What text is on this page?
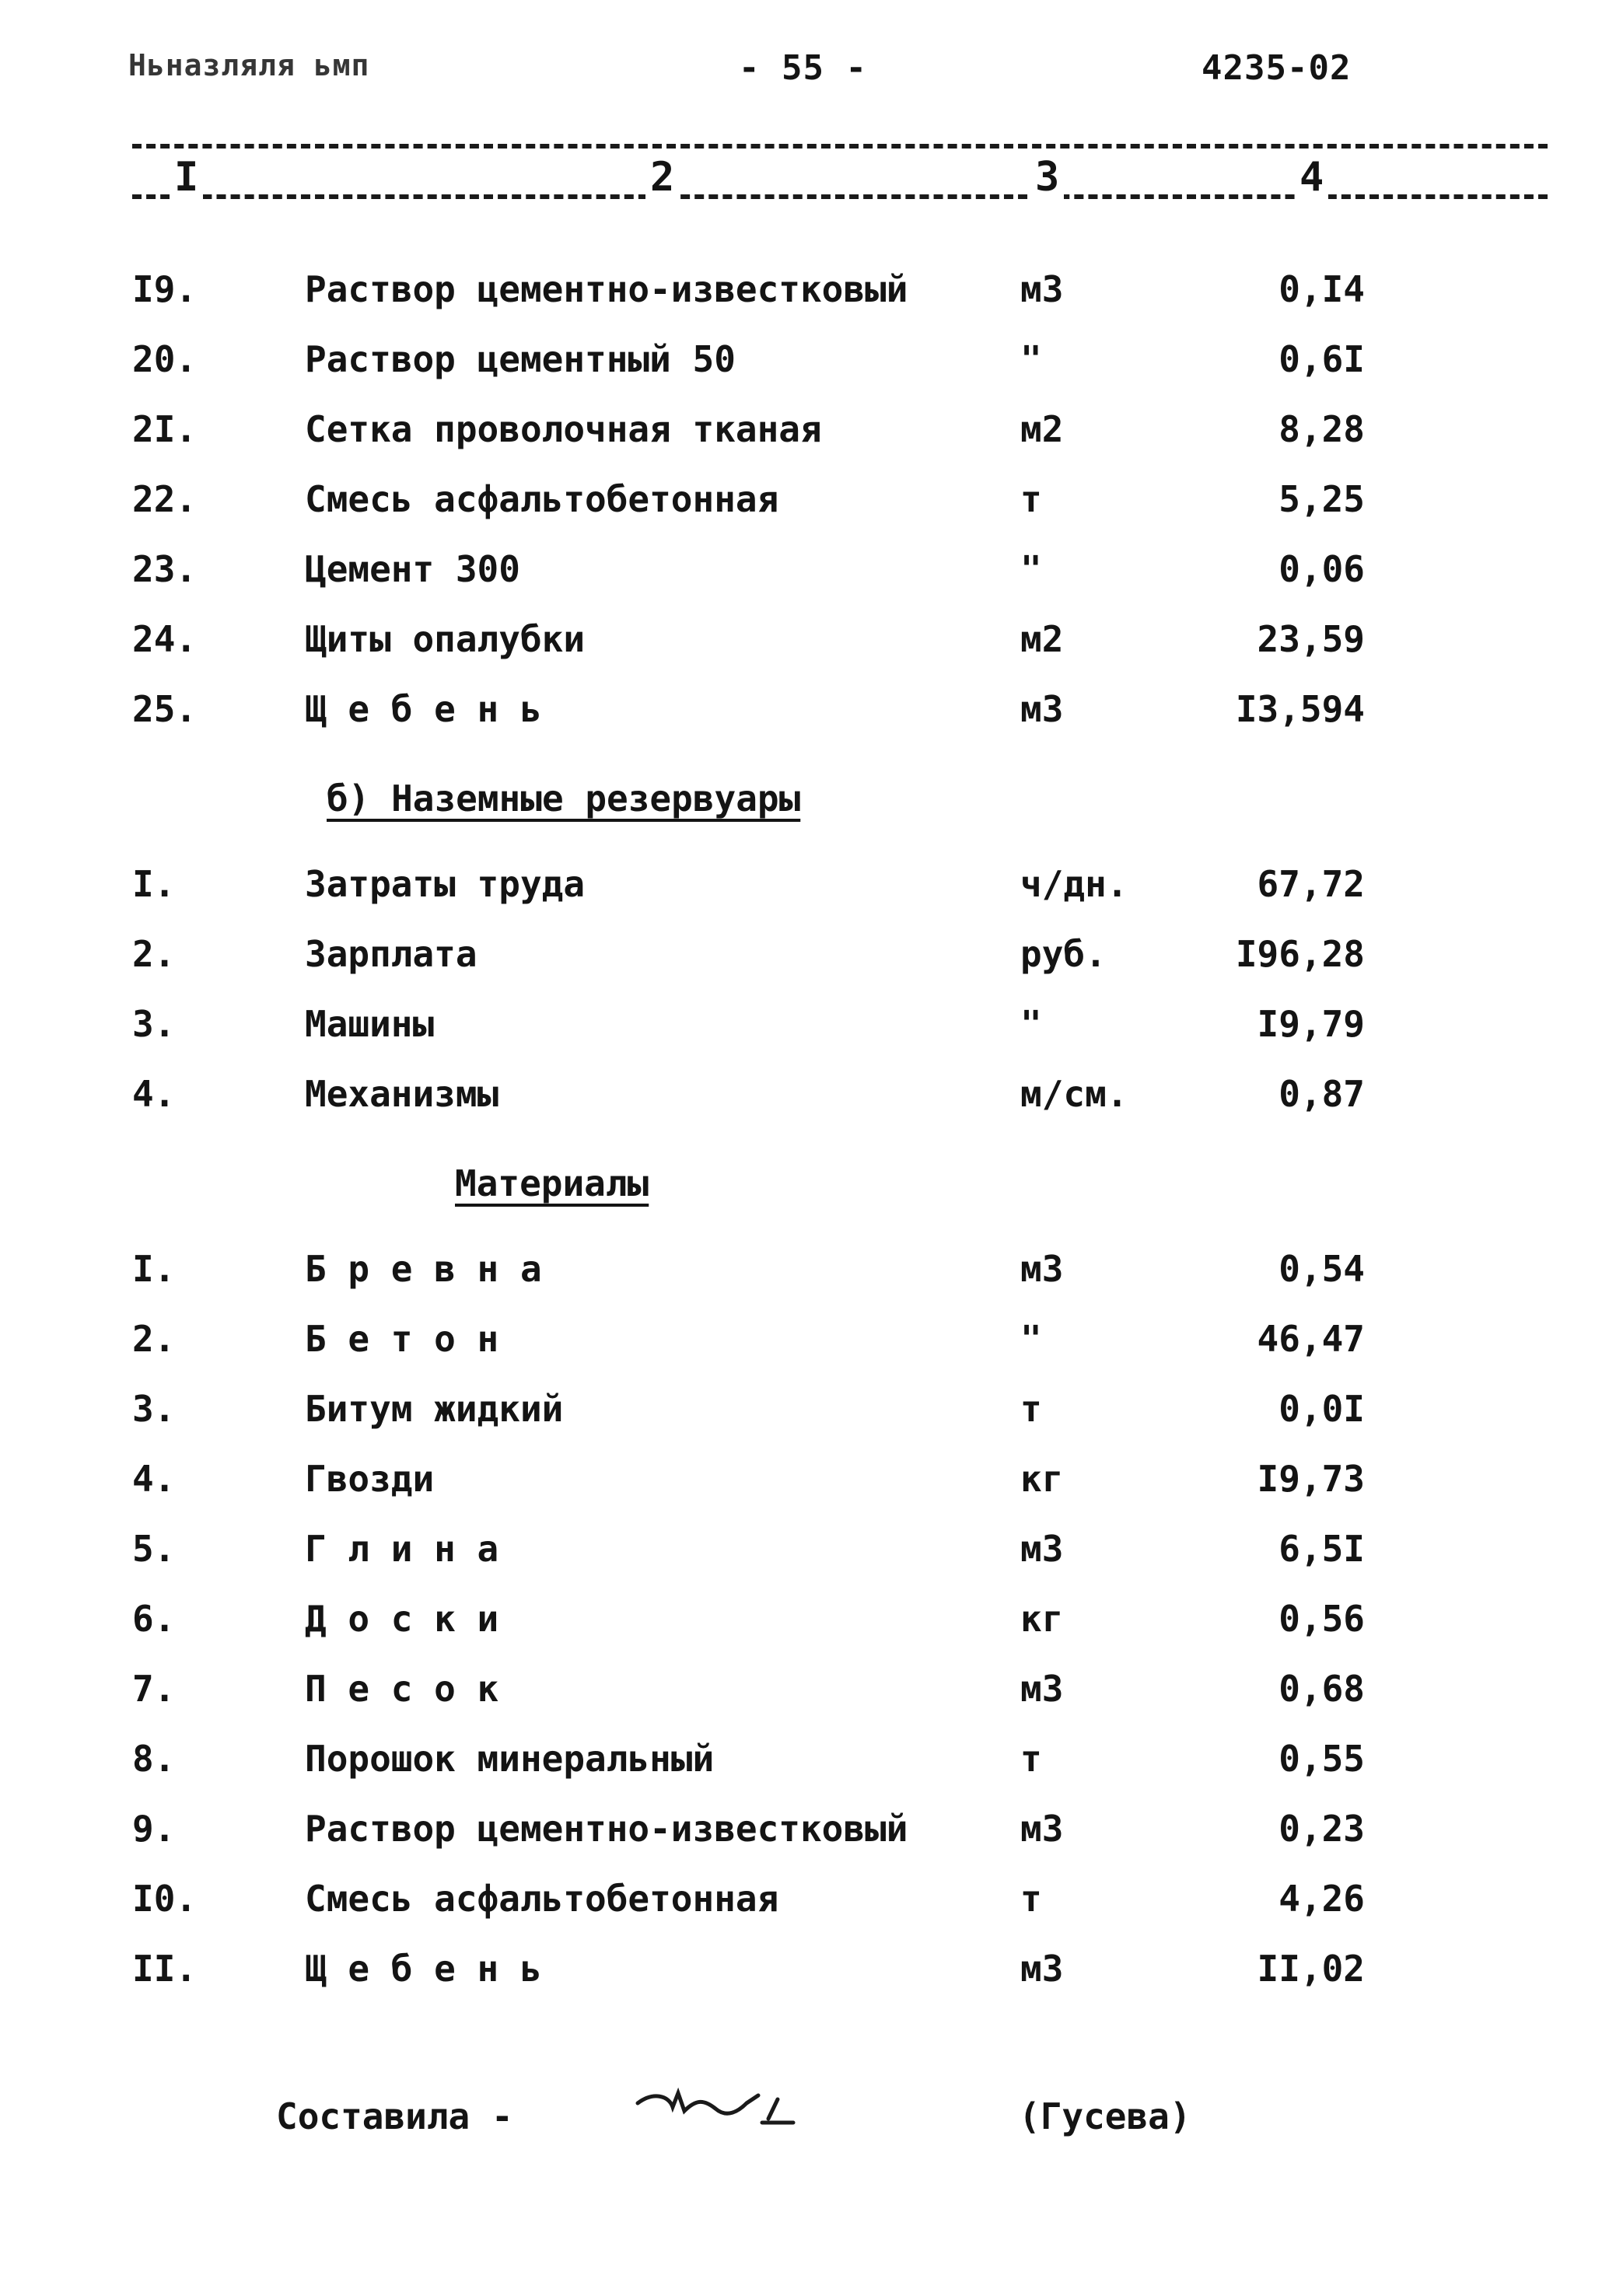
Ньназляля ьмп	- 55 -	4235-02
I	2	3	4
I9.	Раствор цементно-известковый	м3	0,I4
20.	Раствор цементный 50	"	0,6I
2I.	Сетка проволочная тканая	м2	8,28
22.	Смесь асфальтобетонная	т	5,25
23.	Цемент 300	"	0,06
24.	Щиты опалубки	м2	23,59
25.	Щ е б е н ь	м3	I3,594
б) Наземные резервуары
I.	Затраты труда	ч/дн.	67,72
2.	Зарплата	руб.	I96,28
3.	Машины	"	I9,79
4.	Механизмы	м/см.	0,87
Материалы
I.	Б р е в н а	м3	0,54
2.	Б е т о н	"	46,47
3.	Битум жидкий	т	0,0I
4.	Гвозди	кг	I9,73
5.	Г л и н а	м3	6,5I
6.	Д о с к и	кг	0,56
7.	П е с о к	м3	0,68
8.	Порошок минеральный	т	0,55
9.	Раствор цементно-известковый	м3	0,23
I0.	Смесь асфальтобетонная	т	4,26
II.	Щ е б е н ь	м3	II,02
Составила -	(Гусева)
